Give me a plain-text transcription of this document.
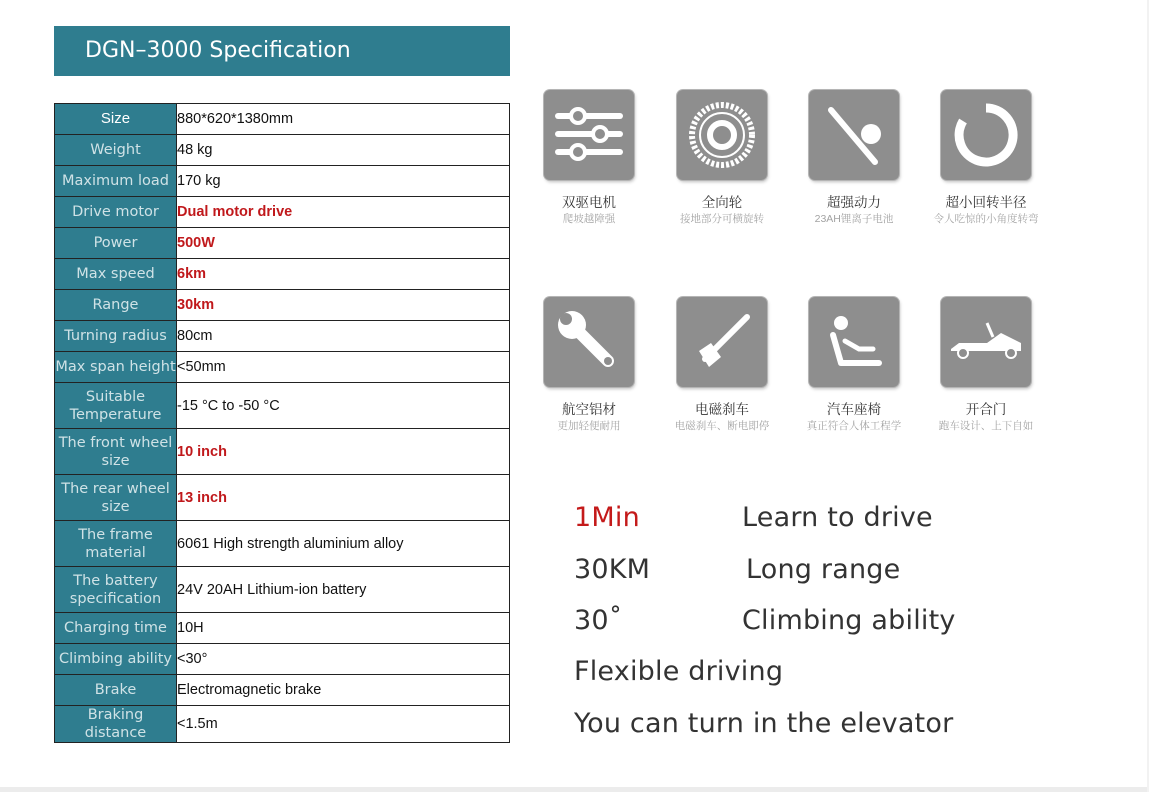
DGN–3000 Specification
Size	880*620*1380mm
Weight	48 kg
Maximum load	170 kg
Drive motor	Dual motor drive
Power	500W
Max speed	6km
Range	30km
Turning radius	80cm
Max span height	<50mm
Suitable Temperature	-15 °C to -50 °C
The front wheel size	10 inch
The rear wheel size	13 inch
The frame material	6061 High strength aluminium alloy
The battery specification	24V 20AH Lithium-ion battery
Charging time	10H
Climbing ability	<30°
Brake	Electromagnetic brake
Braking distance	<1.5m
双驱电机	全向轮	超强动力	超小回转半径
爬坡越障强	接地部分可横旋转	23AH锂离子电池	令人吃惊的小角度转弯
航空铝材	电磁刹车	汽车座椅	开合门
更加轻便耐用	电磁刹车、断电即停	真正符合人体工程学	跑车设计、上下自如
1Min	Learn to drive
30KM	Long range
30˚	Climbing ability
Flexible driving
You can turn in the elevator
